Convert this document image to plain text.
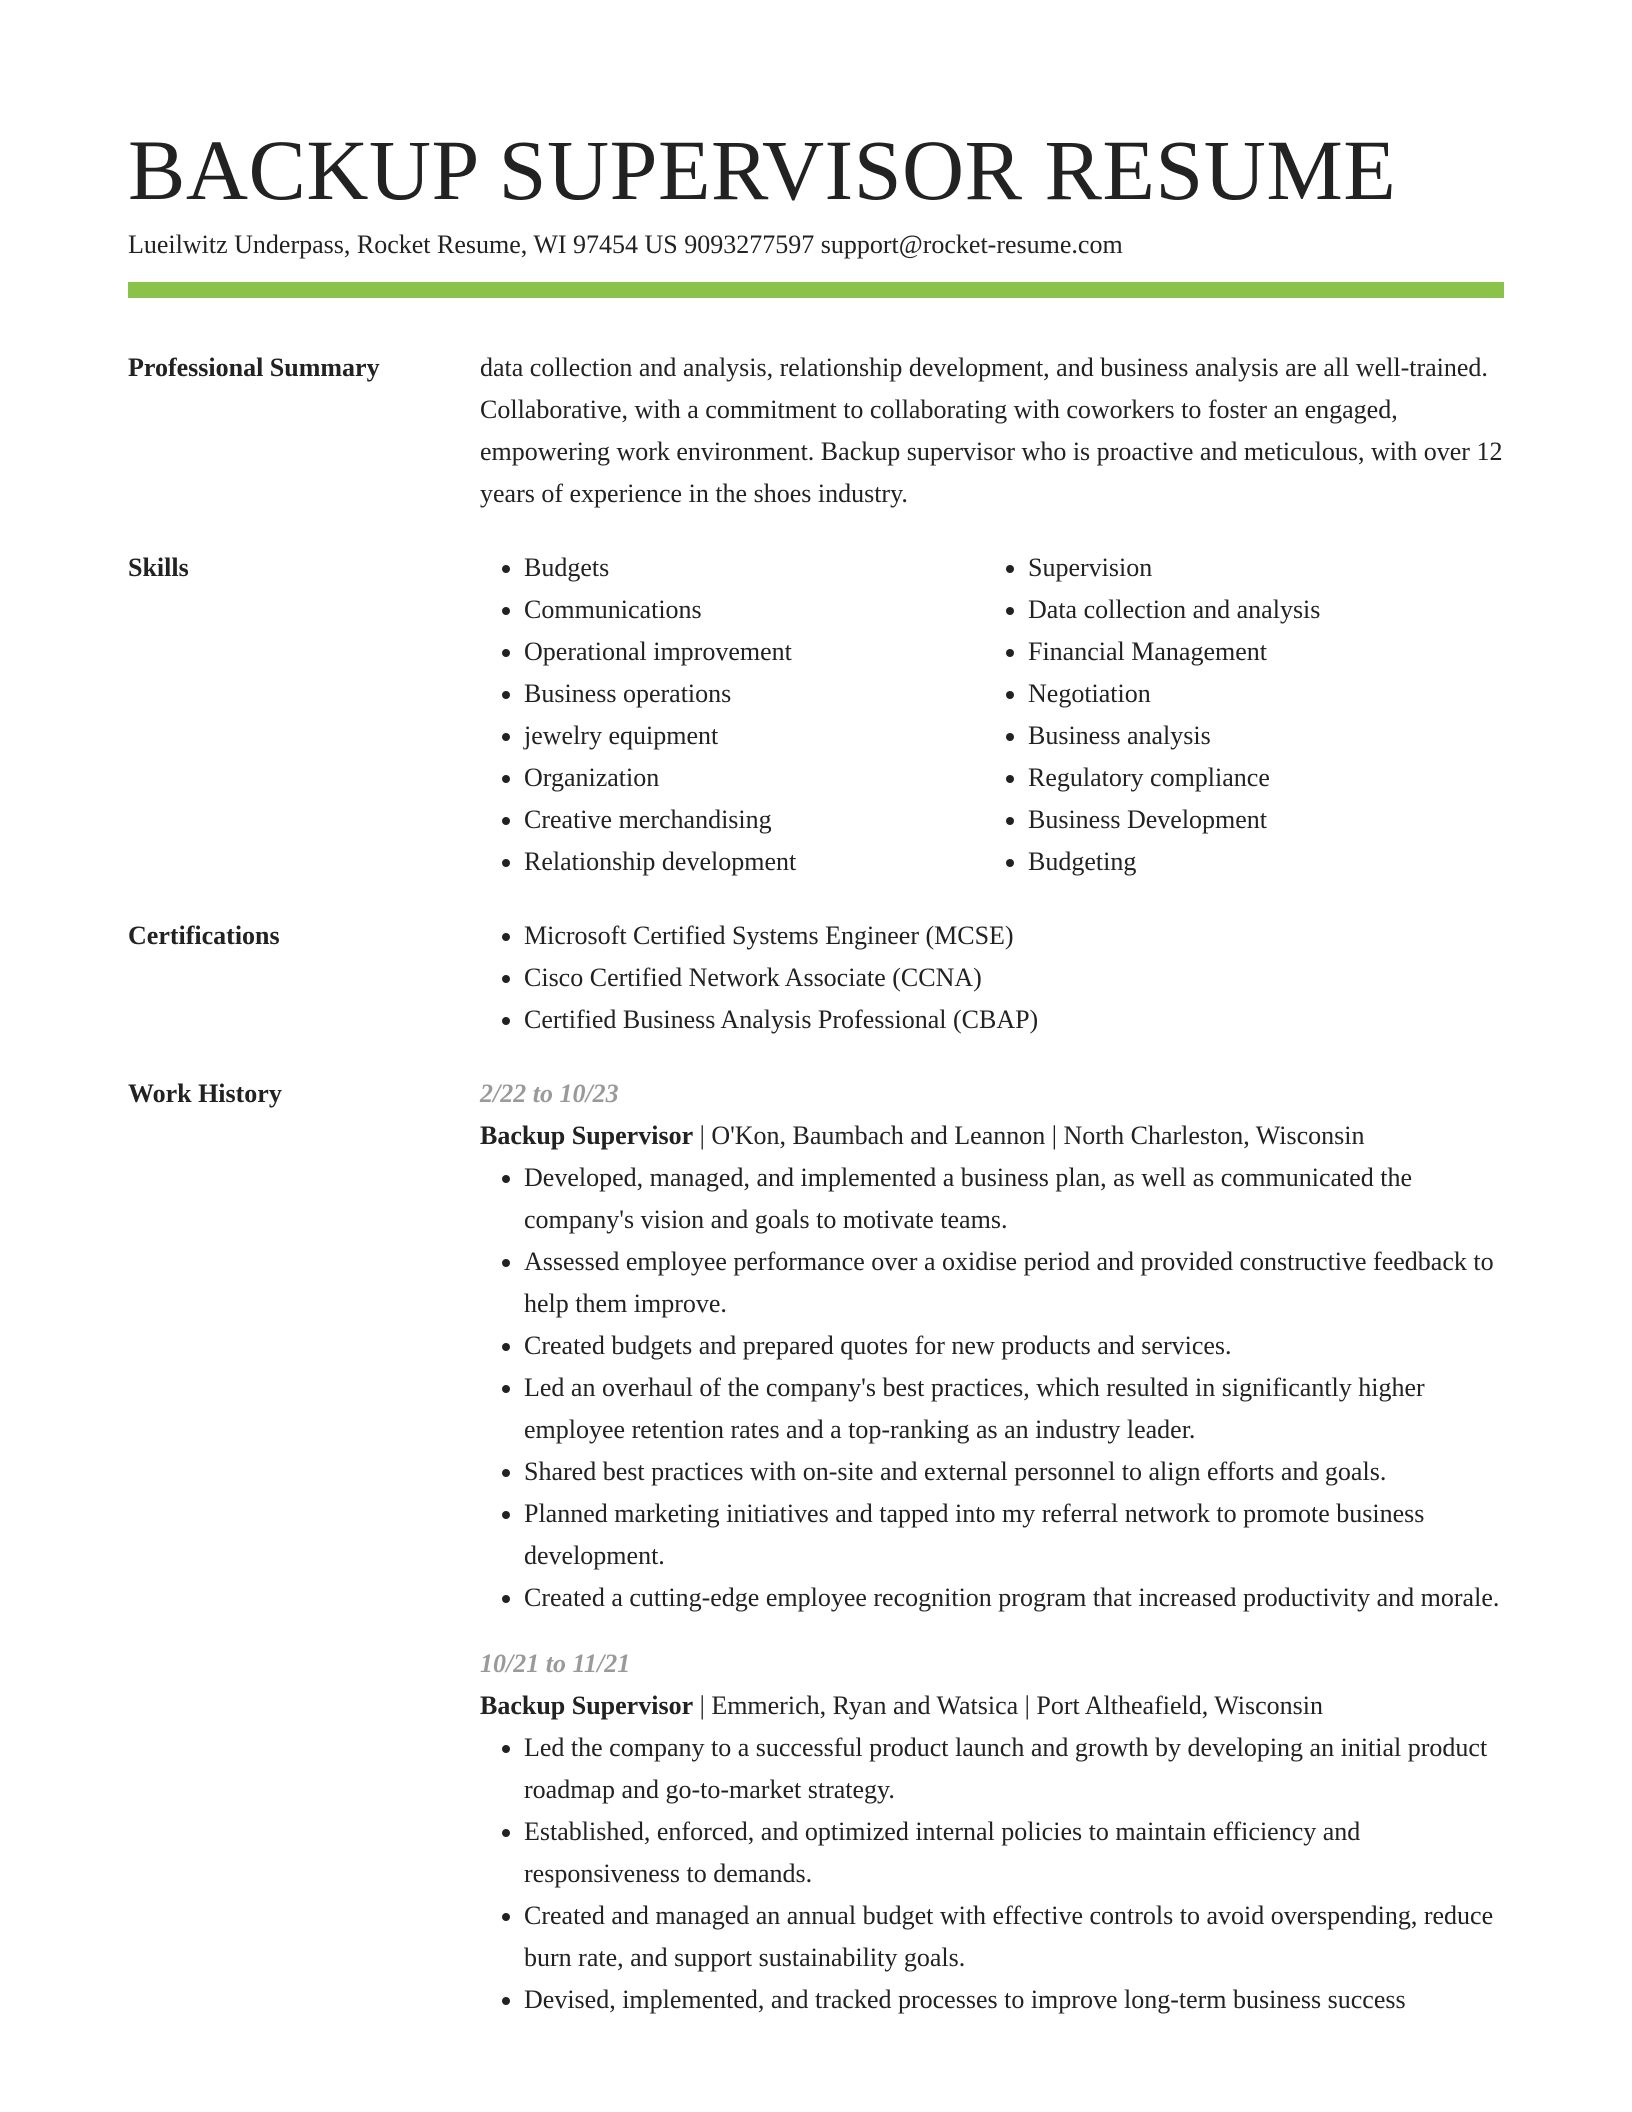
BACKUP SUPERVISOR RESUME
Lueilwitz Underpass, Rocket Resume, WI 97454 US 9093277597 support@rocket-resume.com
Professional Summary	data collection and analysis, relationship development, and business analysis are all well-trained. Collaborative, with a commitment to collaborating with coworkers to foster an engaged, empowering work environment. Backup supervisor who is proactive and meticulous, with over 12 years of experience in the shoes industry.

Skills	• Budgets
• Communications
• Operational improvement
• Business operations
• jewelry equipment
• Organization
• Creative merchandising
• Relationship development
• Supervision
• Data collection and analysis
• Financial Management
• Negotiation
• Business analysis
• Regulatory compliance
• Business Development
• Budgeting
Certifications	• Microsoft Certified Systems Engineer (MCSE)
• Cisco Certified Network Associate (CCNA)
• Certified Business Analysis Professional (CBAP)
Work History	2/22 to 10/23
Backup Supervisor | O'Kon, Baumbach and Leannon | North Charleston, Wisconsin
• Developed, managed, and implemented a business plan, as well as communicated the company's vision and goals to motivate teams.
• Assessed employee performance over a oxidise period and provided constructive feedback to help them improve.
• Created budgets and prepared quotes for new products and services.
• Led an overhaul of the company's best practices, which resulted in significantly higher employee retention rates and a top-ranking as an industry leader.
• Shared best practices with on-site and external personnel to align efforts and goals.
• Planned marketing initiatives and tapped into my referral network to promote business development.
• Created a cutting-edge employee recognition program that increased productivity and morale.
10/21 to 11/21
Backup Supervisor | Emmerich, Ryan and Watsica | Port Altheafield, Wisconsin
• Led the company to a successful product launch and growth by developing an initial product roadmap and go-to-market strategy.
• Established, enforced, and optimized internal policies to maintain efficiency and responsiveness to demands.
• Created and managed an annual budget with effective controls to avoid overspending, reduce burn rate, and support sustainability goals.
• Devised, implemented, and tracked processes to improve long-term business success
